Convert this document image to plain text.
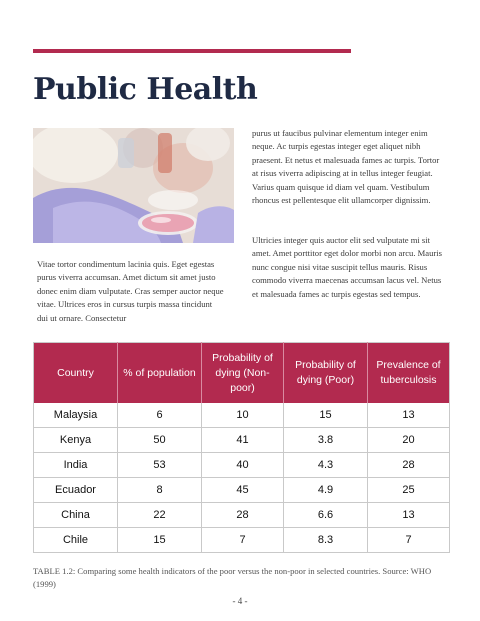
Public Health

Vitae tortor condimentum lacinia quis. Eget egestas purus viverra accumsan. Amet dictum sit amet justo donec enim diam vulputate. Cras semper auctor neque vitae. Ultrices eros in cursus turpis massa tincidunt dui ut ornare. Consectetur

purus ut faucibus pulvinar elementum integer enim neque. Ac turpis egestas integer eget aliquet nibh praesent. Et netus et malesuada fames ac turpis. Tortor at risus viverra adipiscing at in tellus integer feugiat. Varius quam quisque id diam vel quam. Vestibulum rhoncus est pellentesque elit ullamcorper dignissim.

Ultricies integer quis auctor elit sed vulputate mi sit amet. Amet porttitor eget dolor morbi non arcu. Mauris nunc congue nisi vitae suscipit tellus mauris. Risus commodo viverra maecenas accumsan lacus vel. Netus et malesuada fames ac turpis egestas sed tempus.

Country	% of population	Probability of dying (Non-poor)	Probability of dying (Poor)	Prevalence of tuberculosis
Malaysia	6	10	15	13
Kenya	50	41	3.8	20
India	53	40	4.3	28
Ecuador	8	45	4.9	25
China	22	28	6.6	13
Chile	15	7	8.3	7

TABLE 1.2: Comparing some health indicators of the poor versus the non-poor in selected countries. Source: WHO (1999)

- 4 -
